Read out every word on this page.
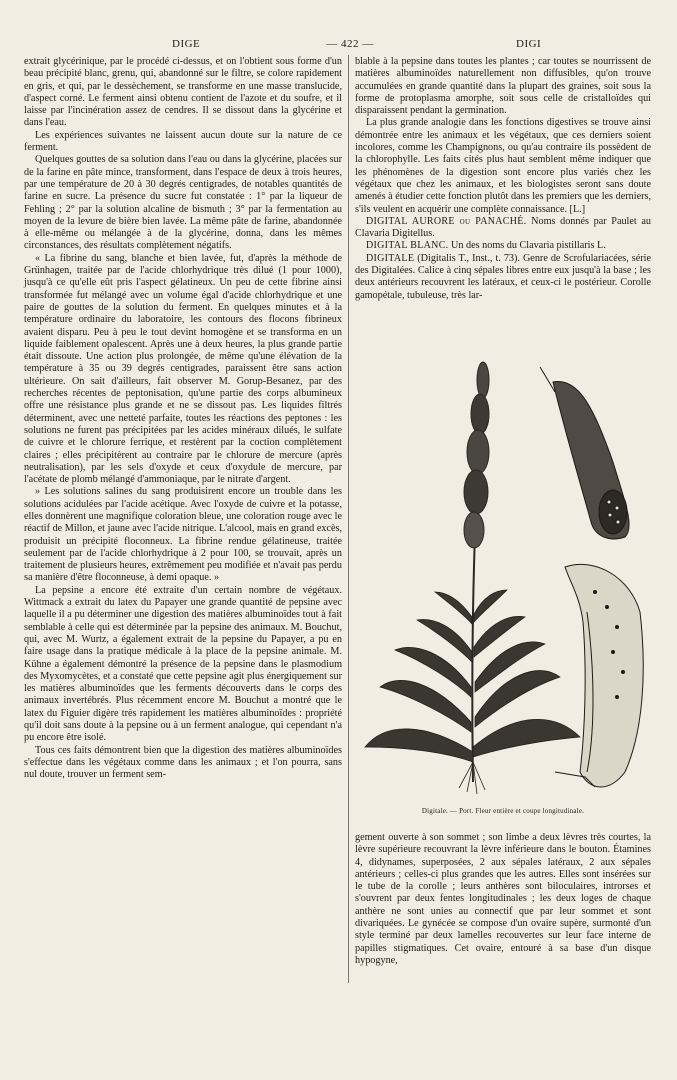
DIGE	— 422 —	DIGI

extrait glycérinique, par le procédé ci-dessus, et on l'obtient sous forme d'un beau précipité blanc, grenu, qui, abandonné sur le filtre, se colore rapidement en gris, et qui, par le dessèchement, se transforme en une masse translucide, d'aspect corné. Le ferment ainsi obtenu contient de l'azote et du soufre, et il laisse par l'incinération assez de cendres. Il se dissout dans la glycérine et dans l'eau.

Les expériences suivantes ne laissent aucun doute sur la nature de ce ferment.

Quelques gouttes de sa solution dans l'eau ou dans la glycérine, placées sur de la farine en pâte mince, transforment, dans l'espace de deux à trois heures, par une température de 20 à 30 degrés centigrades, de notables quantités de farine en sucre. La présence du sucre fut constatée : 1° par la liqueur de Fehling ; 2° par la solution alcaline de bismuth ; 3° par la fermentation au moyen de la levure de bière bien lavée. La même pâte de farine, abandonnée à elle-même ou mélangée à de la glycérine, donna, dans les mêmes circonstances, des résultats complètement négatifs.

« La fibrine du sang, blanche et bien lavée, fut, d'après la méthode de Grünhagen, traitée par de l'acide chlorhydrique très dilué (1 pour 1000), jusqu'à ce qu'elle eût pris l'aspect gélatineux. Un peu de cette fibrine ainsi transformée fut mélangé avec un volume égal d'acide chlorhydrique et une paire de gouttes de la solution du ferment. En quelques minutes et à la température ordinaire du laboratoire, les contours des flocons fibrineux avaient disparu. Peu à peu le tout devint homogène et se transforma en un liquide faiblement opalescent. Après une à deux heures, la plus grande partie était dissoute. Une action plus prolongée, de même qu'une élévation de la température à 35 ou 39 degrés centigrades, paraissent être sans action ultérieure. On sait d'ailleurs, fait observer M. Gorup-Besanez, par des recherches récentes de peptonisation, qu'une partie des corps albumineux offre une résistance plus grande et ne se dissout pas. Les liquides filtrés déterminent, avec une netteté parfaite, toutes les réactions des peptones : les solutions ne furent pas précipitées par les acides minéraux dilués, le sulfate de cuivre et le chlorure ferrique, et restèrent par la coction complètement claires ; elles précipitèrent au contraire par le chlorure de mercure (après neutralisation), par les sels d'oxyde et ceux d'oxydule de mercure, par l'acétate de plomb mélangé d'ammoniaque, par le nitrate d'argent.

» Les solutions salines du sang produisirent encore un trouble dans les solutions acidulées par l'acide acétique. Avec l'oxyde de cuivre et la potasse, elles donnèrent une magnifique coloration bleue, une coloration rouge avec le réactif de Millon, et jaune avec l'acide nitrique. L'alcool, mais en grand excès, produisit un précipité floconneux. La fibrine rendue gélatineuse, traitée seulement par de l'acide chlorhydrique à 2 pour 100, se trouvait, après un traitement de plusieurs heures, extrêmement peu modifiée et n'avait pas perdu sa manière d'être floconneuse, à demi opaque. »

La pepsine a encore été extraite d'un certain nombre de végétaux. Wittmack a extrait du latex du Papayer une grande quantité de pepsine avec laquelle il a pu déterminer une digestion des matières albuminoïdes tout à fait semblable à celle qui est déterminée par la pepsine des animaux. M. Bouchut, qui, avec M. Wurtz, a également extrait de la pepsine du Papayer, a pu en faire usage dans la pratique médicale à la place de la pepsine animale. M. Kühne a également démontré la présence de la pepsine dans le plasmodium des Myxomycètes, et a constaté que cette pepsine agit plus énergiquement sur les matières albuminoïdes que les ferments découverts dans le corps des animaux invertébrés. Plus récemment encore M. Bouchut a montré que le latex du Figuier digère très rapidement les matières albuminoïdes : propriété qu'il doit sans doute à la pepsine ou à un ferment analogue, qui cependant n'a pu encore être isolé.

Tous ces faits démontrent bien que la digestion des matières albuminoïdes s'effectue dans les végétaux comme dans les animaux ; et l'on pourra, sans nul doute, trouver un ferment sem-

blable à la pepsine dans toutes les plantes ; car toutes se nourrissent de matières albuminoïdes naturellement non diffusibles, qu'on trouve accumulées en grande quantité dans la plupart des graines, soit sous la forme de protoplasma amorphe, soit sous celle de cristalloïdes qui disparaissent pendant la germination.

La plus grande analogie dans les fonctions digestives se trouve ainsi démontrée entre les animaux et les végétaux, que ces derniers soient incolores, comme les Champignons, ou qu'au contraire ils possèdent de la chlorophylle. Les faits cités plus haut semblent même indiquer que les phénomènes de la digestion sont encore plus variés chez les végétaux que chez les animaux, et les biologistes seront sans doute amenés à étudier cette fonction plutôt dans les premiers que les derniers, s'ils veulent en acquérir une complète connaissance. [L.]

DIGITAL AURORE ou PANACHÉ. Noms donnés par Paulet au Clavaria Digitellus.

DIGITAL BLANC. Un des noms du Clavaria pistillaris L.

DIGITALE (Digitalis T., Inst., t. 73). Genre de Scrofulariacées, série des Digitalées. Calice à cinq sépales libres entre eux jusqu'à la base ; les deux antérieurs recouvrent les latéraux, et ceux-ci le postérieur. Corolle gamopétale, tubuleuse, très lar-

Digitale. — Port. Fleur entière et coupe longitudinale.

gement ouverte à son sommet ; son limbe a deux lèvres très courtes, la lèvre supérieure recouvrant la lèvre inférieure dans le bouton. Étamines 4, didynames, superposées, 2 aux sépales latéraux, 2 aux sépales antérieurs ; celles-ci plus grandes que les autres. Elles sont insérées sur le tube de la corolle ; leurs anthères sont biloculaires, introrses et s'ouvrent par deux fentes longitudinales ; les deux loges de chaque anthère ne sont unies au connectif que par leur sommet et sont divariquées. Le gynécée se compose d'un ovaire supère, surmonté d'un style terminé par deux lamelles recouvertes sur leur face interne de papilles stigmatiques. Cet ovaire, entouré à sa base d'un disque hypogyne,
